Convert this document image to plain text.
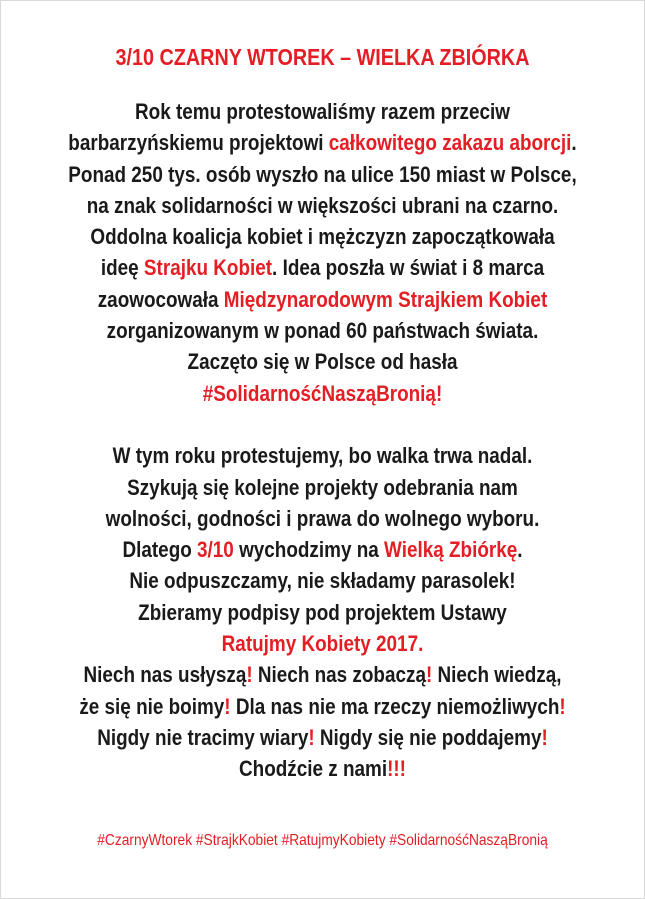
3/10 CZARNY WTOREK – WIELKA ZBIÓRKA
Rok temu protestowaliśmy razem przeciw
barbarzyńskiemu projektowi całkowitego zakazu aborcji.
Ponad 250 tys. osób wyszło na ulice 150 miast w Polsce,
na znak solidarności w większości ubrani na czarno.
Oddolna koalicja kobiet i mężczyzn zapoczątkowała
ideę Strajku Kobiet. Idea poszła w świat i 8 marca
zaowocowała Międzynarodowym Strajkiem Kobiet
zorganizowanym w ponad 60 państwach świata.
Zaczęto się w Polsce od hasła
#SolidarnośćNasząBronią!
W tym roku protestujemy, bo walka trwa nadal.
Szykują się kolejne projekty odebrania nam
wolności, godności i prawa do wolnego wyboru.
Dlatego 3/10 wychodzimy na Wielką Zbiórkę.
Nie odpuszczamy, nie składamy parasolek!
Zbieramy podpisy pod projektem Ustawy
Ratujmy Kobiety 2017.
Niech nas usłyszą! Niech nas zobaczą! Niech wiedzą,
że się nie boimy! Dla nas nie ma rzeczy niemożliwych!
Nigdy nie tracimy wiary! Nigdy się nie poddajemy!
Chodźcie z nami!!!
#CzarnyWtorek #StrajkKobiet #RatujmyKobiety #SolidarnośćNasząBronią
